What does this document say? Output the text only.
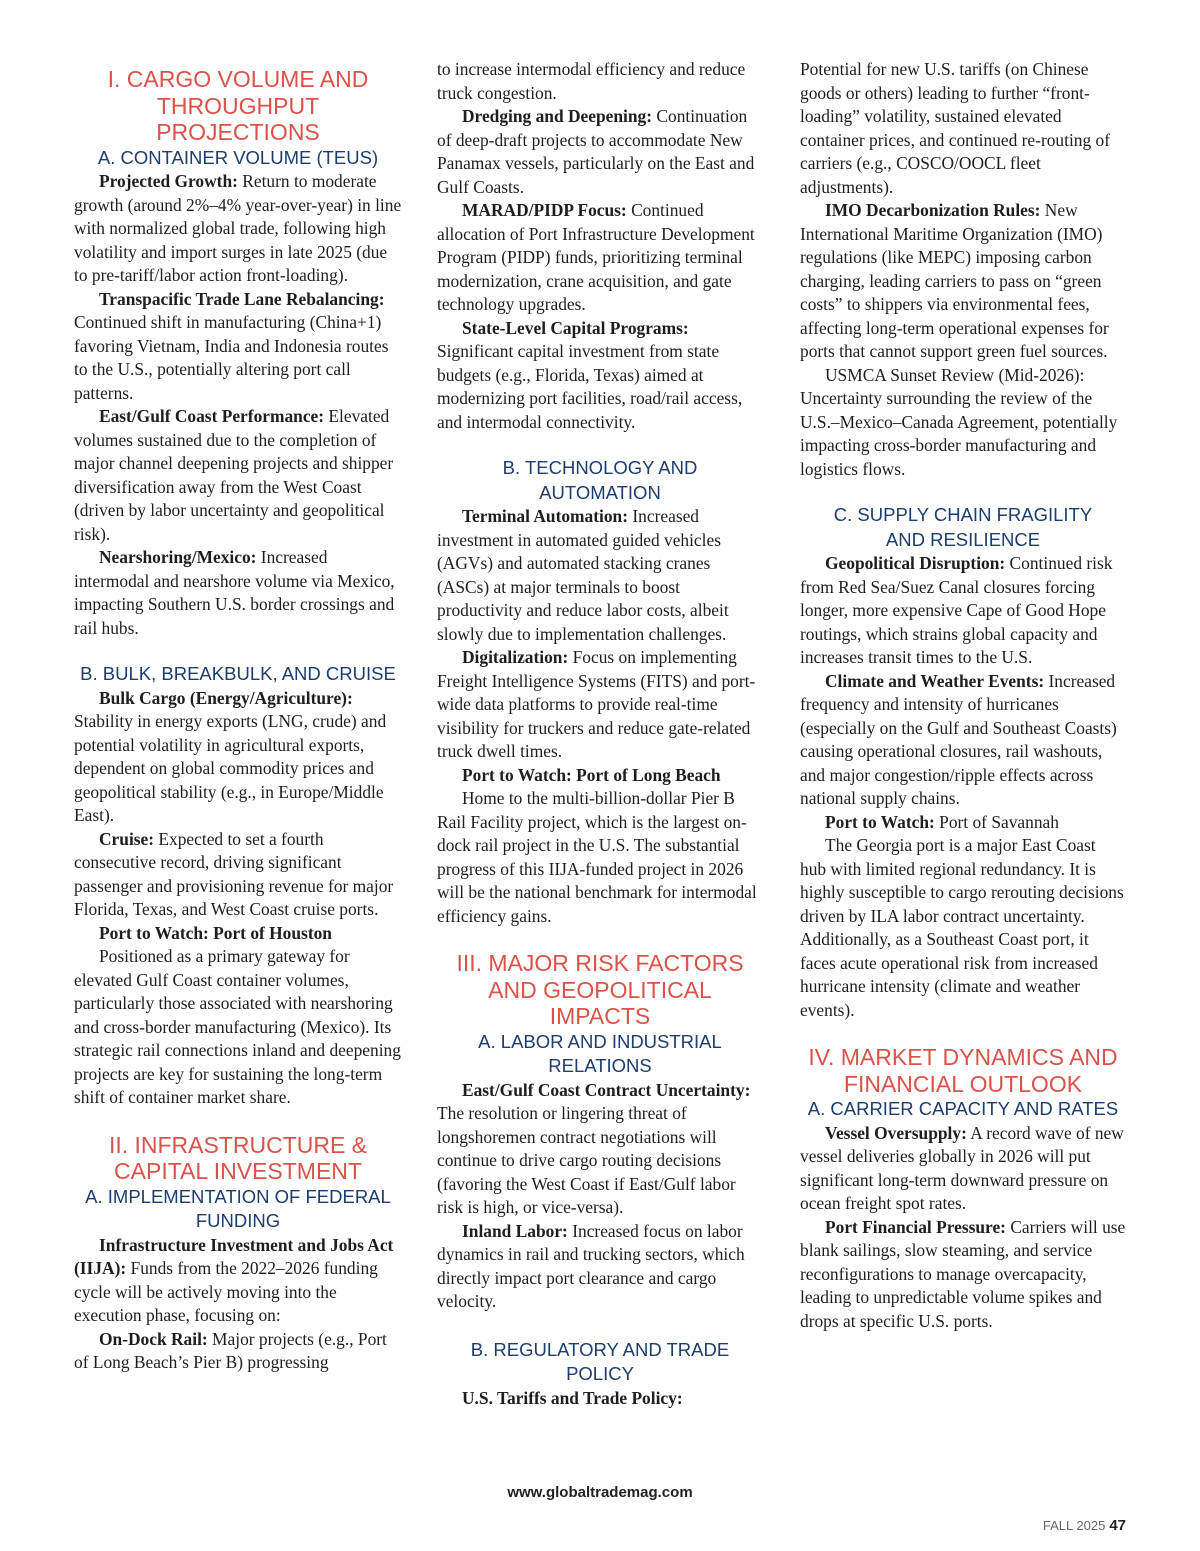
I. CARGO VOLUME AND THROUGHPUT PROJECTIONS
A. CONTAINER VOLUME (TEUS)

Projected Growth: Return to moderate growth (around 2%–4% year-over-year) in line with normalized global trade, following high volatility and import surges in late 2025 (due to pre-tariff/labor action front-loading).

Transpacific Trade Lane Rebalancing: Continued shift in manufacturing (China+1) favoring Vietnam, India and Indonesia routes to the U.S., potentially altering port call patterns.

East/Gulf Coast Performance: Elevated volumes sustained due to the completion of major channel deepening projects and shipper diversification away from the West Coast (driven by labor uncertainty and geopolitical risk).

Nearshoring/Mexico: Increased intermodal and nearshore volume via Mexico, impacting Southern U.S. border crossings and rail hubs.

B. BULK, BREAKBULK, AND CRUISE

Bulk Cargo (Energy/Agriculture): Stability in energy exports (LNG, crude) and potential volatility in agricultural exports, dependent on global commodity prices and geopolitical stability (e.g., in Europe/Middle East).

Cruise: Expected to set a fourth consecutive record, driving significant passenger and provisioning revenue for major Florida, Texas, and West Coast cruise ports.

Port to Watch: Port of Houston

Positioned as a primary gateway for elevated Gulf Coast container volumes, particularly those associated with nearshoring and cross-border manufacturing (Mexico). Its strategic rail connections inland and deepening projects are key for sustaining the long-term shift of container market share.

II. INFRASTRUCTURE & CAPITAL INVESTMENT
A. IMPLEMENTATION OF FEDERAL FUNDING

Infrastructure Investment and Jobs Act (IIJA): Funds from the 2022–2026 funding cycle will be actively moving into the execution phase, focusing on:

On-Dock Rail: Major projects (e.g., Port of Long Beach’s Pier B) progressing

to increase intermodal efficiency and reduce truck congestion.

Dredging and Deepening: Continuation of deep-draft projects to accommodate New Panamax vessels, particularly on the East and Gulf Coasts.

MARAD/PIDP Focus: Continued allocation of Port Infrastructure Development Program (PIDP) funds, prioritizing terminal modernization, crane acquisition, and gate technology upgrades.

State-Level Capital Programs: Significant capital investment from state budgets (e.g., Florida, Texas) aimed at modernizing port facilities, road/rail access, and intermodal connectivity.

B. TECHNOLOGY AND AUTOMATION

Terminal Automation: Increased investment in automated guided vehicles (AGVs) and automated stacking cranes (ASCs) at major terminals to boost productivity and reduce labor costs, albeit slowly due to implementation challenges.

Digitalization: Focus on implementing Freight Intelligence Systems (FITS) and port-wide data platforms to provide real-time visibility for truckers and reduce gate-related truck dwell times.

Port to Watch: Port of Long Beach

Home to the multi-billion-dollar Pier B Rail Facility project, which is the largest on-dock rail project in the U.S. The substantial progress of this IIJA-funded project in 2026 will be the national benchmark for intermodal efficiency gains.

III. MAJOR RISK FACTORS AND GEOPOLITICAL IMPACTS
A. LABOR AND INDUSTRIAL RELATIONS

East/Gulf Coast Contract Uncertainty: The resolution or lingering threat of longshoremen contract negotiations will continue to drive cargo routing decisions (favoring the West Coast if East/Gulf labor risk is high, or vice-versa).

Inland Labor: Increased focus on labor dynamics in rail and trucking sectors, which directly impact port clearance and cargo velocity.

B. REGULATORY AND TRADE POLICY

U.S. Tariffs and Trade Policy:

Potential for new U.S. tariffs (on Chinese goods or others) leading to further “front-loading” volatility, sustained elevated container prices, and continued re-routing of carriers (e.g., COSCO/OOCL fleet adjustments).

IMO Decarbonization Rules: New International Maritime Organization (IMO) regulations (like MEPC) imposing carbon charging, leading carriers to pass on “green costs” to shippers via environmental fees, affecting long-term operational expenses for ports that cannot support green fuel sources.

USMCA Sunset Review (Mid-2026): Uncertainty surrounding the review of the U.S.–Mexico–Canada Agreement, potentially impacting cross-border manufacturing and logistics flows.

C. SUPPLY CHAIN FRAGILITY AND RESILIENCE

Geopolitical Disruption: Continued risk from Red Sea/Suez Canal closures forcing longer, more expensive Cape of Good Hope routings, which strains global capacity and increases transit times to the U.S.

Climate and Weather Events: Increased frequency and intensity of hurricanes (especially on the Gulf and Southeast Coasts) causing operational closures, rail washouts, and major congestion/ripple effects across national supply chains.

Port to Watch: Port of Savannah

The Georgia port is a major East Coast hub with limited regional redundancy. It is highly susceptible to cargo rerouting decisions driven by ILA labor contract uncertainty. Additionally, as a Southeast Coast port, it faces acute operational risk from increased hurricane intensity (climate and weather events).

IV. MARKET DYNAMICS AND FINANCIAL OUTLOOK
A. CARRIER CAPACITY AND RATES

Vessel Oversupply: A record wave of new vessel deliveries globally in 2026 will put significant long-term downward pressure on ocean freight spot rates.

Port Financial Pressure: Carriers will use blank sailings, slow steaming, and service reconfigurations to manage overcapacity, leading to unpredictable volume spikes and drops at specific U.S. ports.

www.globaltrademag.com
FALL 2025 47
